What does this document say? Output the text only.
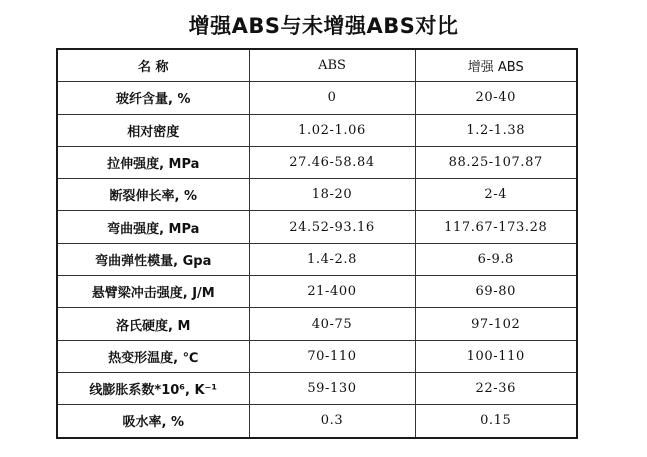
增强ABS与未增强ABS对比
名 称	ABS	增强 ABS
玻纤含量, %	0	20-40
相对密度	1.02-1.06	1.2-1.38
拉伸强度, MPa	27.46-58.84	88.25-107.87
断裂伸长率, %	18-20	2-4
弯曲强度, MPa	24.52-93.16	117.67-173.28
弯曲弹性模量, Gpa	1.4-2.8	6-9.8
悬臂梁冲击强度, J/M	21-400	69-80
洛氏硬度, M	40-75	97-102
热变形温度, ℃	70-110	100-110
线膨胀系数*10⁶, K⁻¹	59-130	22-36
吸水率, %	0.3	0.15
